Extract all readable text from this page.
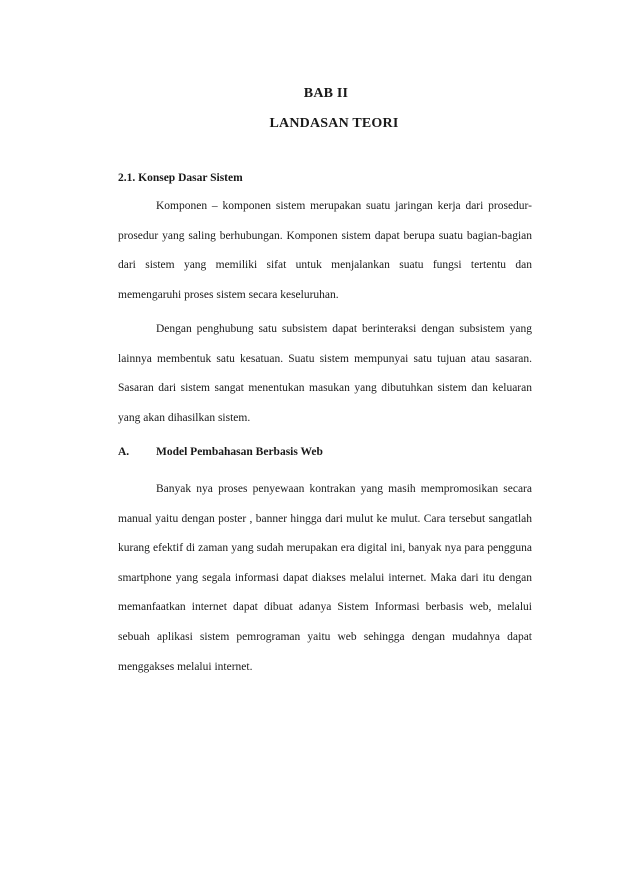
BAB II
LANDASAN TEORI
2.1. Konsep Dasar Sistem

Komponen – komponen sistem merupakan suatu jaringan kerja dari prosedur-prosedur yang saling berhubungan. Komponen sistem dapat berupa suatu bagian-bagian dari sistem yang memiliki sifat untuk menjalankan suatu fungsi tertentu dan memengaruhi proses sistem secara keseluruhan.

Dengan penghubung satu subsistem dapat berinteraksi dengan subsistem yang lainnya membentuk satu kesatuan. Suatu sistem mempunyai satu tujuan atau sasaran. Sasaran dari sistem sangat menentukan masukan yang dibutuhkan sistem dan keluaran yang akan dihasilkan sistem.

A. Model Pembahasan Berbasis Web

Banyak nya proses penyewaan kontrakan yang masih mempromosikan secara manual yaitu dengan poster , banner hingga dari mulut ke mulut. Cara tersebut sangatlah kurang efektif di zaman yang sudah merupakan era digital ini, banyak nya para pengguna smartphone yang segala informasi dapat diakses melalui internet. Maka dari itu dengan memanfaatkan internet dapat dibuat adanya Sistem Informasi berbasis web, melalui sebuah aplikasi sistem pemrograman yaitu web sehingga dengan mudahnya dapat menggakses melalui internet.
